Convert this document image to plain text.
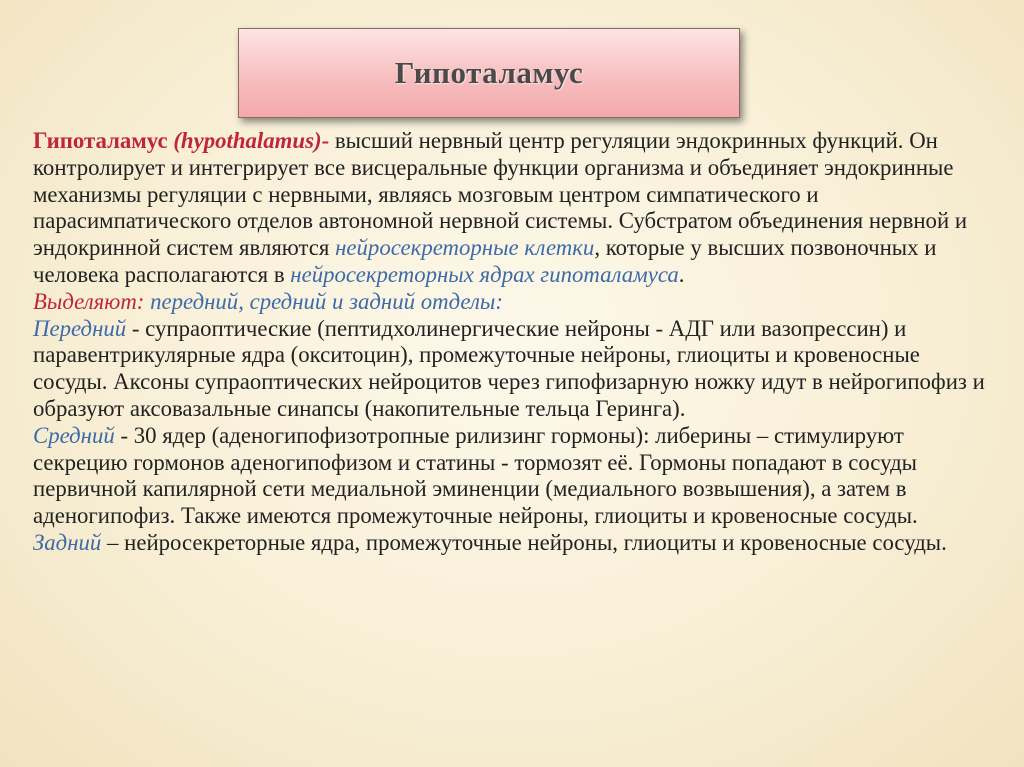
Гипоталамус

Гипоталамус (hypothalamus)- высший нервный центр регуляции эндокринных функций. Он контролирует и интегрирует все висцеральные функции организма и объединяет эндокринные механизмы регуляции с нервными, являясь мозговым центром симпатического и парасимпатического отделов автономной нервной системы. Субстратом объединения нервной и эндокринной систем являются нейросекреторные клетки, которые у высших позвоночных и человека располагаются в нейросекреторных ядрах гипоталамуса.

Выделяют: передний, средний и задний отделы:

Передний - супраоптические (пептидхолинергические нейроны - АДГ или вазопрессин) и паравентрикулярные ядра (окситоцин), промежуточные нейроны, глиоциты и кровеносные сосуды. Аксоны супраоптических нейроцитов через гипофизарную ножку идут в нейрогипофиз и образуют аксовазальные синапсы (накопительные тельца Геринга).

Средний - 30 ядер (аденогипофизотропные рилизинг гормоны): либерины – стимулируют секрецию гормонов аденогипофизом и статины - тормозят её. Гормоны попадают в сосуды первичной капилярной сети медиальной эминенции (медиального возвышения), а затем в аденогипофиз. Также имеются промежуточные нейроны, глиоциты и кровеносные сосуды.

Задний – нейросекреторные ядра, промежуточные нейроны, глиоциты и кровеносные сосуды.
